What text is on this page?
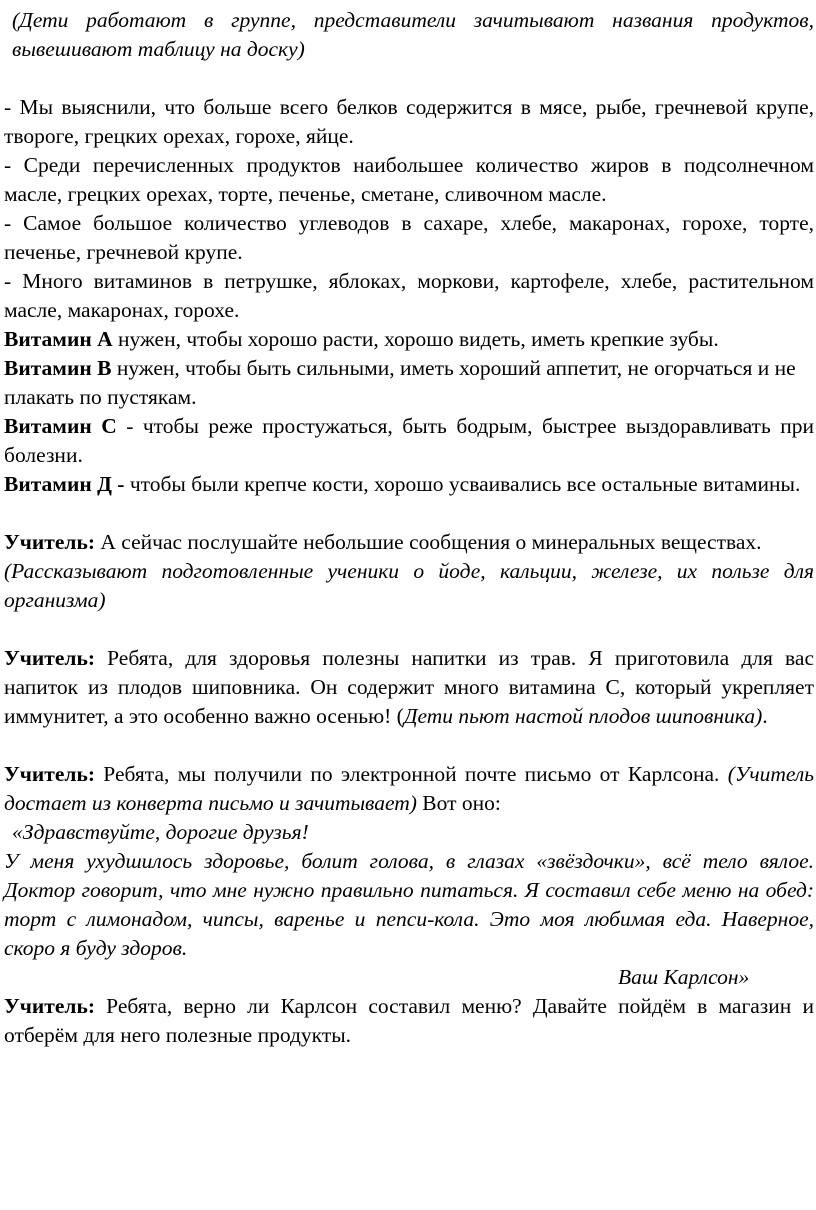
(Дети работают в группе, представители зачитывают названия продуктов, вывешивают таблицу на доску)

- Мы выяснили, что больше всего белков содержится в мясе, рыбе, гречневой крупе, твороге, грецких орехах, горохе, яйце.

- Среди перечисленных продуктов наибольшее количество жиров в подсолнечном масле, грецких орехах, торте, печенье, сметане, сливочном масле.

- Самое большое количество углеводов в сахаре, хлебе, макаронах, горохе, торте, печенье, гречневой крупе.

- Много витаминов в петрушке, яблоках, моркови, картофеле, хлебе, растительном масле, макаронах, горохе.

Витамин А нужен, чтобы хорошо расти, хорошо видеть, иметь крепкие зубы.

Витамин В нужен, чтобы быть сильными, иметь хороший аппетит, не огорчаться и не

плакать по пустякам.

Витамин С - чтобы реже простужаться, быть бодрым, быстрее выздоравливать при болезни.

Витамин Д - чтобы были крепче кости, хорошо усваивались все остальные витамины.

Учитель: А сейчас послушайте небольшие сообщения о минеральных веществах.

(Рассказывают подготовленные ученики о йоде, кальции, железе, их пользе для организма)

Учитель: Ребята, для здоровья полезны напитки из трав. Я приготовила для вас напиток из плодов шиповника. Он содержит много витамина С, который укрепляет иммунитет, а это особенно важно осенью! (Дети пьют настой плодов шиповника).

Учитель: Ребята, мы получили по электронной почте письмо от Карлсона. (Учитель достает из конверта письмо и зачитывает) Вот оно:

«Здравствуйте, дорогие друзья!

У меня ухудшилось здоровье, болит голова, в глазах «звёздочки», всё тело вялое. Доктор говорит, что мне нужно правильно питаться. Я составил себе меню на обед: торт с лимонадом, чипсы, варенье и пепси-кола. Это моя любимая еда. Наверное, скоро я буду здоров.

Ваш Карлсон»

Учитель: Ребята, верно ли Карлсон составил меню? Давайте пойдём в магазин и отберём для него полезные продукты.
